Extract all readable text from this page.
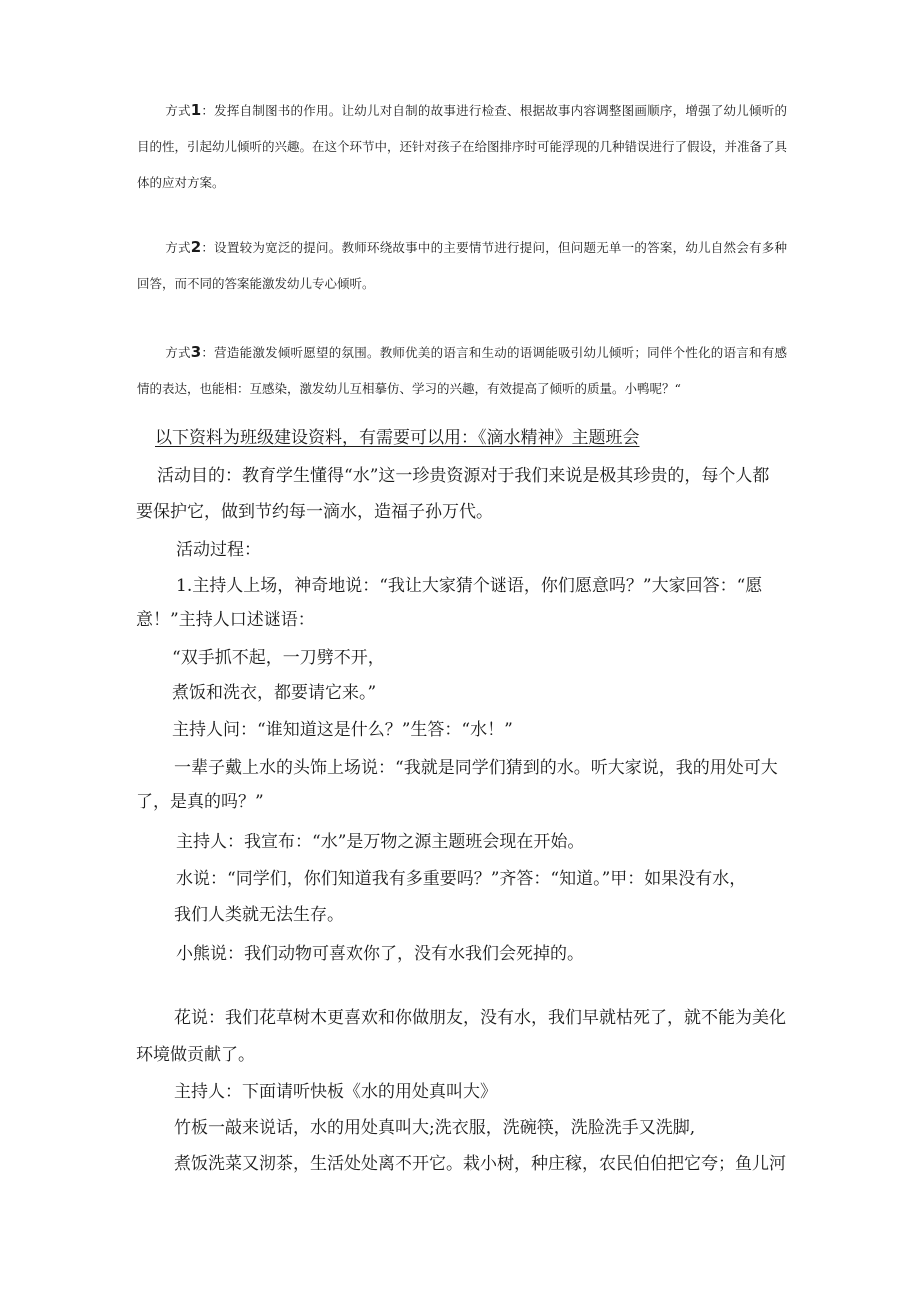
方式1：发挥自制图书的作用。让幼儿对自制的故事进行检查、根据故事内容调整图画顺序，增强了幼儿倾听的目的性，引起幼儿倾听的兴趣。在这个环节中，还针对孩子在给图排序时可能浮现的几种错误进行了假设，并准备了具体的应对方案。

方式2：设置较为宽泛的提问。教师环绕故事中的主要情节进行提问，但问题无单一的答案，幼儿自然会有多种回答，而不同的答案能激发幼儿专心倾听。

方式3：营造能激发倾听愿望的氛围。教师优美的语言和生动的语调能吸引幼儿倾听；同伴个性化的语言和有感情的表达，也能相：互感染，激发幼儿互相摹仿、学习的兴趣，有效提高了倾听的质量。小鸭呢？“

以下资料为班级建设资料，有需要可以用：《滴水精神》主题班会

活动目的：教育学生懂得“水”这一珍贵资源对于我们来说是极其珍贵的，每个人都

要保护它，做到节约每一滴水，造福子孙万代。

活动过程：

1.主持人上场，神奇地说：“我让大家猜个谜语，你们愿意吗？”大家回答：“愿

意！”主持人口述谜语：

“双手抓不起，一刀劈不开，

煮饭和洗衣，都要请它来。”

主持人问：“谁知道这是什么？”生答：“水！”

一辈子戴上水的头饰上场说：“我就是同学们猜到的水。听大家说，我的用处可大

了，是真的吗？”

主持人：我宣布：“水”是万物之源主题班会现在开始。

水说：“同学们，你们知道我有多重要吗？”齐答：“知道。”甲：如果没有水，

我们人类就无法生存。

小熊说：我们动物可喜欢你了，没有水我们会死掉的。

花说：我们花草树木更喜欢和你做朋友，没有水，我们早就枯死了，就不能为美化

环境做贡献了。

主持人：下面请听快板《水的用处真叫大》

竹板一敲来说话，水的用处真叫大;洗衣服，洗碗筷，洗脸洗手又洗脚,

煮饭洗菜又沏茶，生活处处离不开它。栽小树，种庄稼，农民伯伯把它夸；鱼儿河
